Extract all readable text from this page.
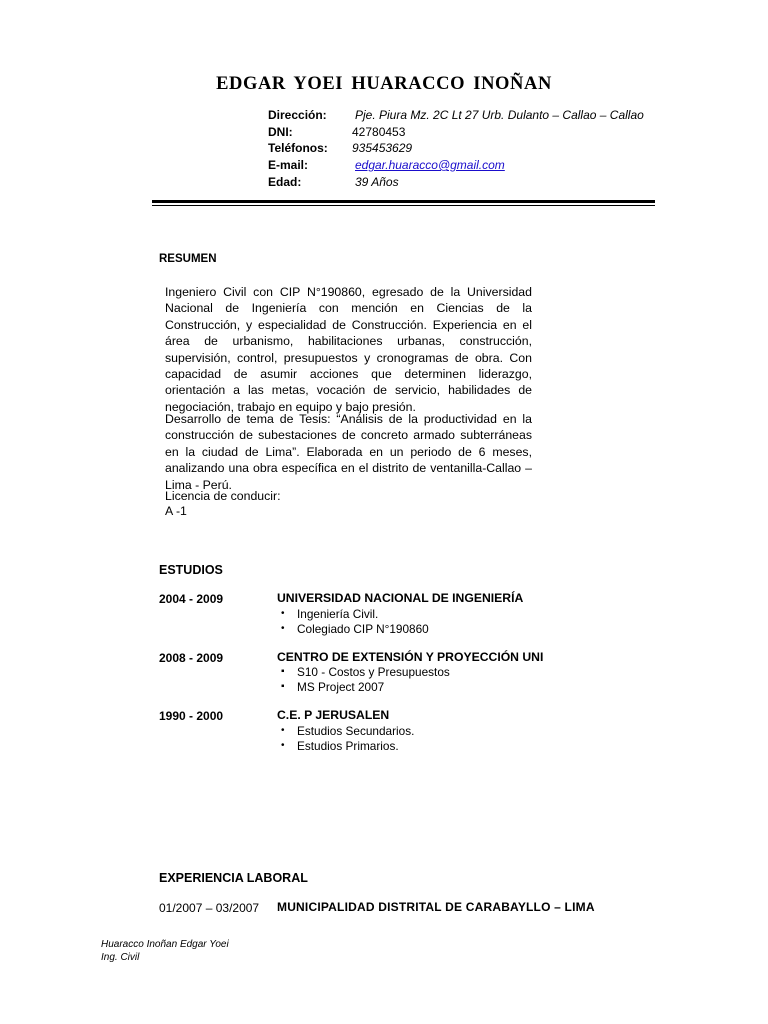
EDGAR YOEI HUARACCO INOÑAN
Dirección: Pje. Piura Mz. 2C Lt 27 Urb. Dulanto – Callao – Callao
DNI:	42780453
Teléfonos: 935453629
E-mail:	edgar.huaracco@gmail.com
Edad:	39 Años
RESUMEN
Ingeniero Civil con CIP N°190860, egresado de la Universidad Nacional de Ingeniería con mención en Ciencias de la Construcción, y especialidad de Construcción. Experiencia en el área de urbanismo, habilitaciones urbanas, construcción, supervisión, control, presupuestos y cronogramas de obra. Con capacidad de asumir acciones que determinen liderazgo, orientación a las metas, vocación de servicio, habilidades de negociación, trabajo en equipo y bajo presión.
Desarrollo de tema de Tesis: “Análisis de la productividad en la construcción de subestaciones de concreto armado subterráneas en la ciudad de Lima”. Elaborada en un periodo de 6 meses, analizando una obra específica en el distrito de ventanilla-Callao – Lima - Perú.
Licencia de conducir:
A -1
ESTUDIOS
2004 - 2009	UNIVERSIDAD NACIONAL DE INGENIERÍA
• Ingeniería Civil.
• Colegiado CIP N°190860
2008 - 2009	CENTRO DE EXTENSIÓN Y PROYECCIÓN UNI
▪ S10 - Costos y Presupuestos
▪ MS Project 2007
1990 - 2000	C.E. P JERUSALEN
• Estudios Secundarios.
• Estudios Primarios.
EXPERIENCIA LABORAL
01/2007 – 03/2007 MUNICIPALIDAD DISTRITAL DE CARABAYLLO – LIMA
Huaracco Inoñan Edgar Yoei
Ing. Civil
